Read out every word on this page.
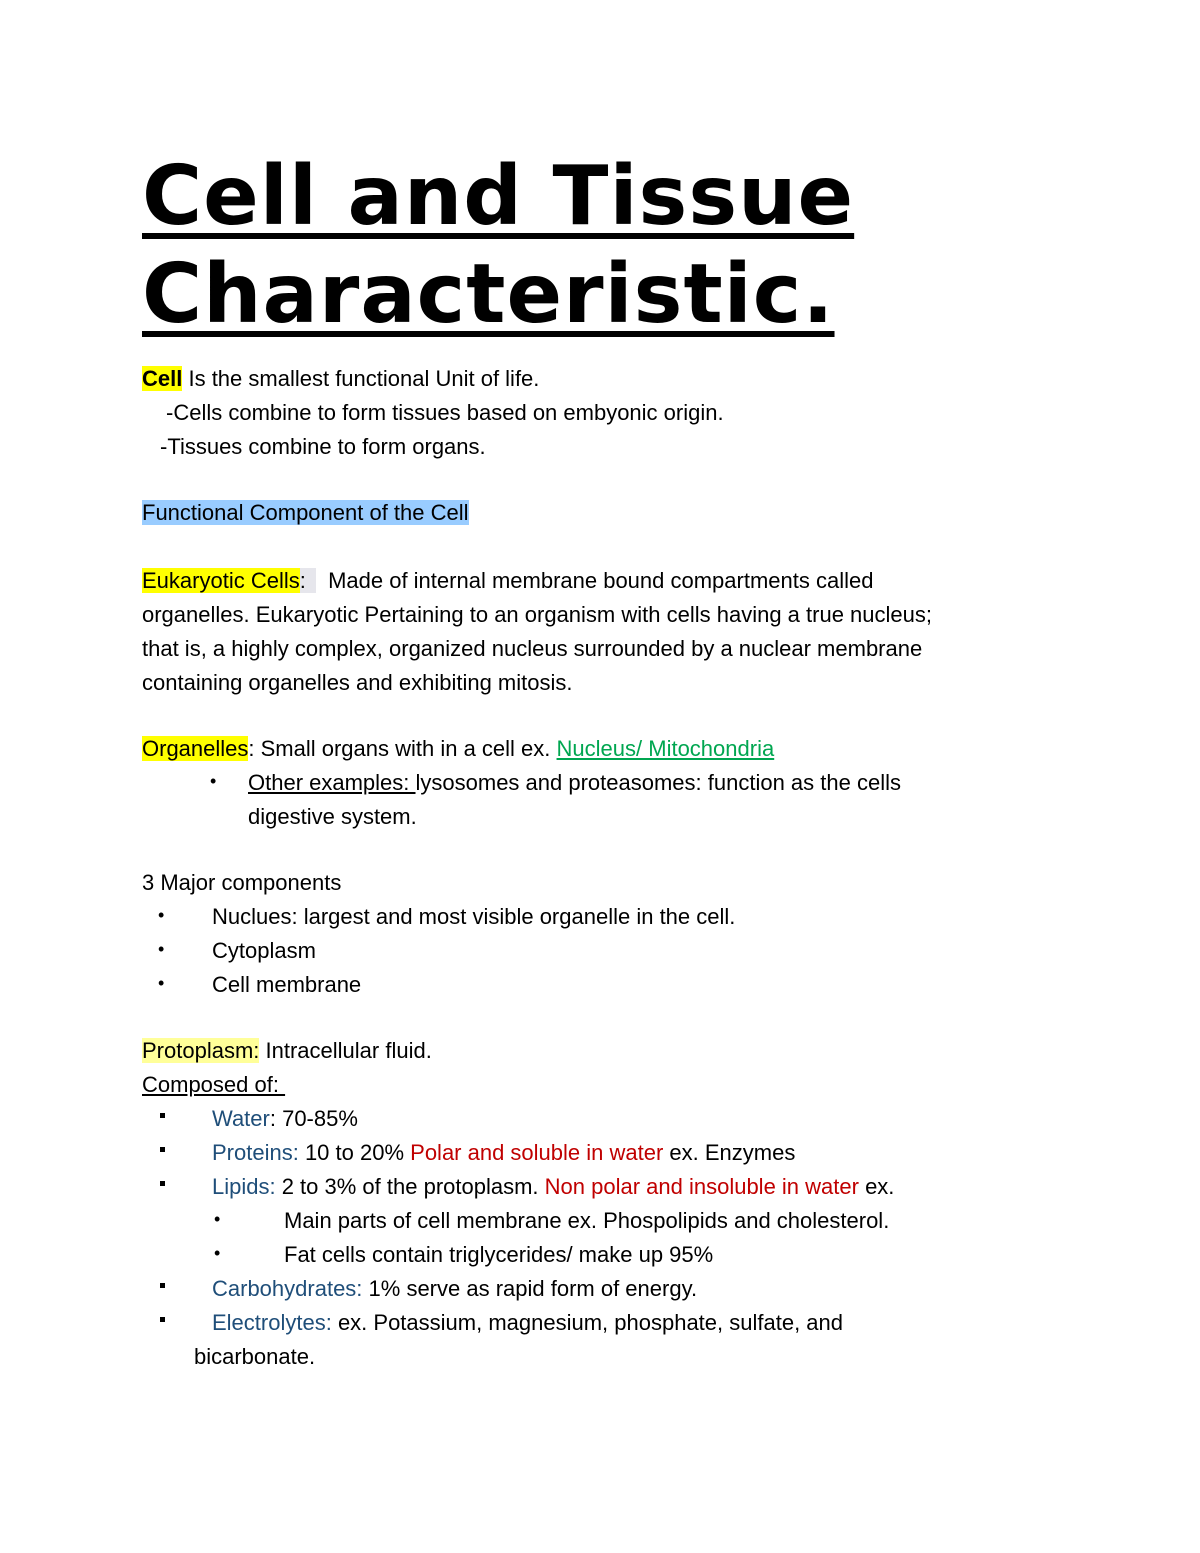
Cell and Tissue
Characteristic.
Cell Is the smallest functional Unit of life.
-Cells combine to form tissues based on embyonic origin.
-Tissues combine to form organs.
Functional Component of the Cell
Eukaryotic Cells:  Made of internal membrane bound compartments called
organelles. Eukaryotic Pertaining to an organism with cells having a true nucleus;
that is, a highly complex, organized nucleus surrounded by a nuclear membrane
containing organelles and exhibiting mitosis.
Organelles: Small organs with in a cell ex. Nucleus/ Mitochondria
• Other examples: lysosomes and proteasomes: function as the cells
digestive system.
3 Major components
• Nuclues: largest and most visible organelle in the cell.
• Cytoplasm
• Cell membrane
Protoplasm: Intracellular fluid.
Composed of:
Water: 70-85%
Proteins: 10 to 20% Polar and soluble in water ex. Enzymes
Lipids: 2 to 3% of the protoplasm. Non polar and insoluble in water ex.
•	Main parts of cell membrane ex. Phospolipids and cholesterol.
•	Fat cells contain triglycerides/ make up 95%
Carbohydrates: 1% serve as rapid form of energy.
Electrolytes: ex. Potassium, magnesium, phosphate, sulfate, and
bicarbonate.
